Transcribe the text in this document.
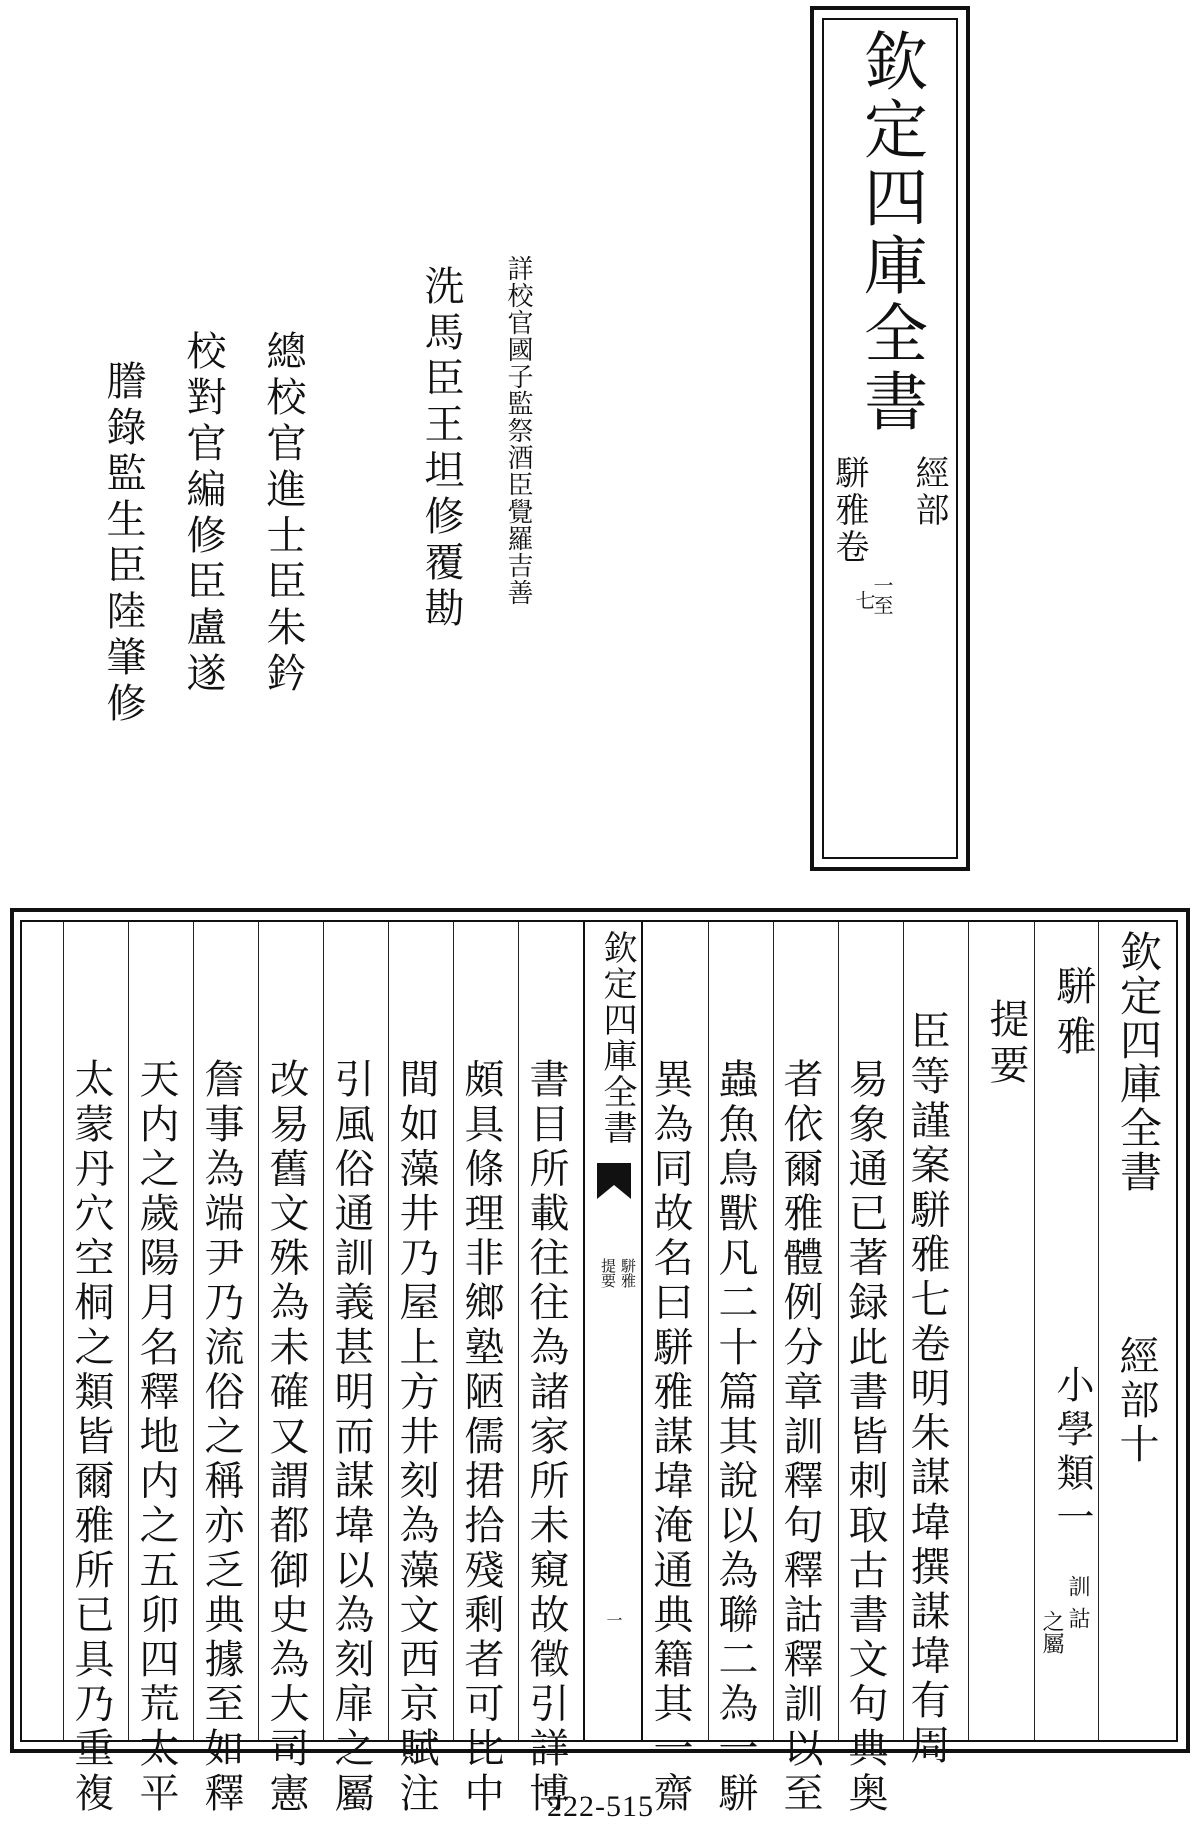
欽定四庫全書
經部
駢雅卷
一至
七
詳校官國子監祭酒臣覺羅吉善
洗馬臣王坦修覆勘
總校官進士臣朱鈐
校對官編修臣盧遂
謄錄監生臣陸肇修
欽定四庫全書
經部十
駢雅
小學類一
訓詁
之屬
提要
臣等謹案駢雅七卷明朱謀㙔撰謀㙔有周
易象通已著録此書皆刺取古書文句典奥
者依爾雅體例分章訓釋句釋詁釋訓以至
蟲魚鳥獸凡二十篇其說以為聯二為一駢
異為同故名曰駢雅謀㙔淹通典籍其一齋
書目所載往往為諸家所未窺故徵引詳博
頗具條理非鄉塾陋儒捃拾殘剩者可比中
間如藻井乃屋上方井刻為藻文西京賦注
引風俗通訓義甚明而謀㙔以為刻扉之屬
改易舊文殊為未確又謂都御史為大司憲
詹事為端尹乃流俗之稱亦乏典據至如釋
天内之歲陽月名釋地内之五卯四荒太平
太蒙丹穴空桐之類皆爾雅所已具乃重複
欽定四庫全書
駢雅
提要
一
222-515
